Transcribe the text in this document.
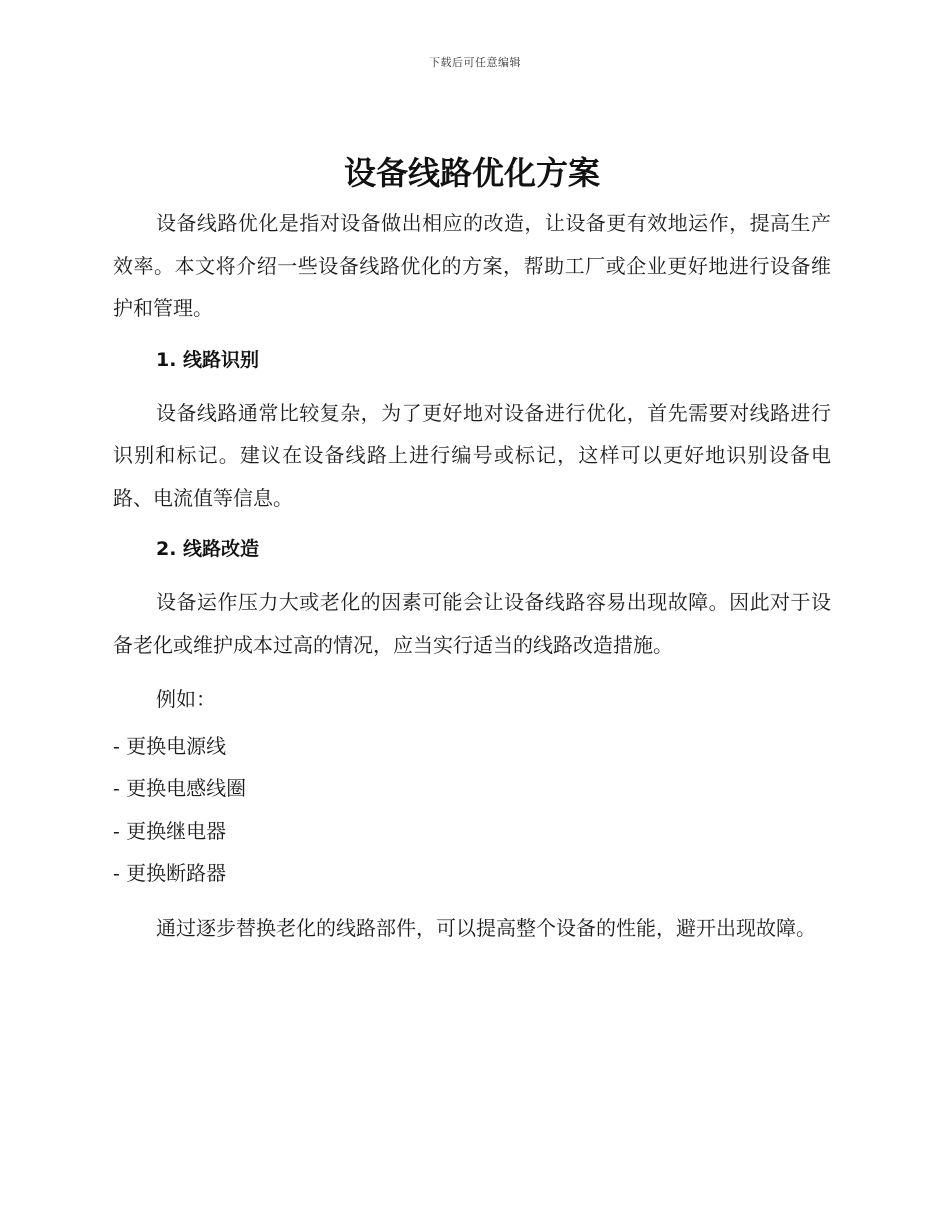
下载后可任意编辑
设备线路优化方案

设备线路优化是指对设备做出相应的改造，让设备更有效地运作，提高生产效率。本文将介绍一些设备线路优化的方案，帮助工厂或企业更好地进行设备维护和管理。

1. 线路识别

设备线路通常比较复杂，为了更好地对设备进行优化，首先需要对线路进行识别和标记。建议在设备线路上进行编号或标记，这样可以更好地识别设备电路、电流值等信息。

2. 线路改造

设备运作压力大或老化的因素可能会让设备线路容易出现故障。因此对于设备老化或维护成本过高的情况，应当实行适当的线路改造措施。

例如：

- 更换电源线
- 更换电感线圈
- 更换继电器
- 更换断路器

通过逐步替换老化的线路部件，可以提高整个设备的性能，避开出现故障。
